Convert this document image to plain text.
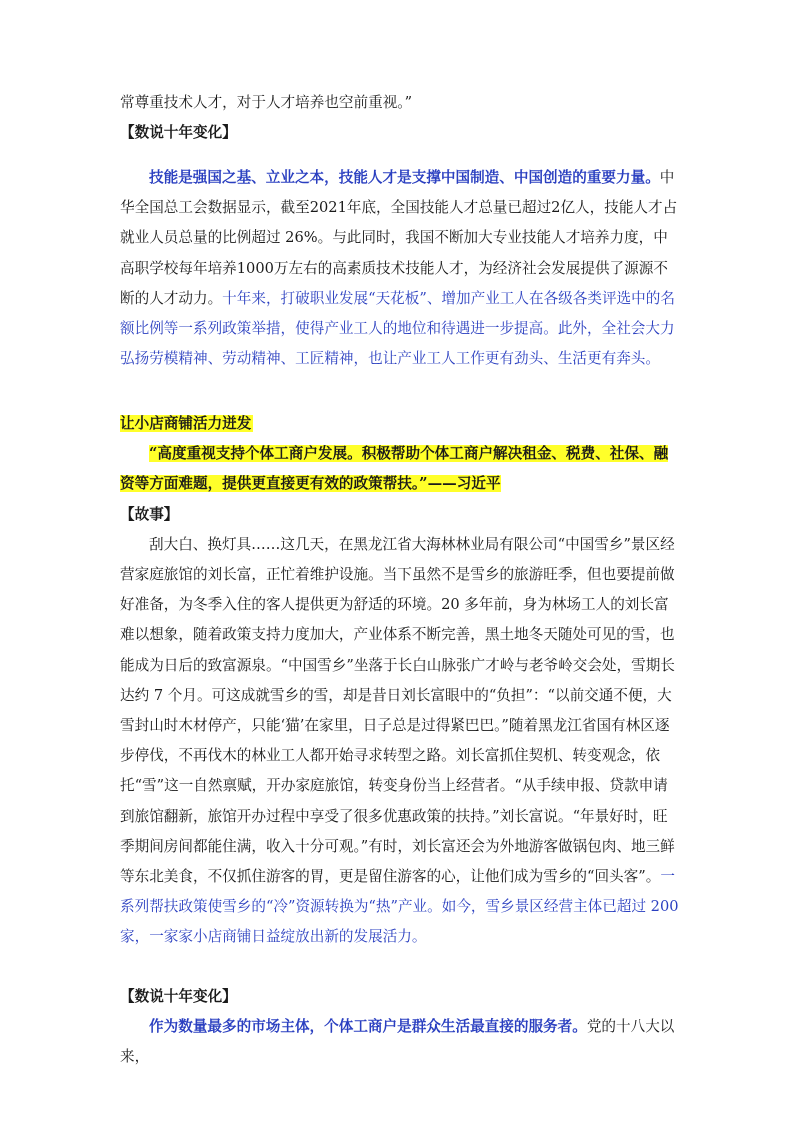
常尊重技术人才，对于人才培养也空前重视。”

【数说十年变化】

技能是强国之基、立业之本，技能人才是支撑中国制造、中国创造的重要力量。中华全国总工会数据显示，截至2021年底，全国技能人才总量已超过2亿人，技能人才占就业人员总量的比例超过 26%。与此同时，我国不断加大专业技能人才培养力度，中高职学校每年培养1000万左右的高素质技术技能人才，为经济社会发展提供了源源不断的人才动力。十年来，打破职业发展“天花板”、增加产业工人在各级各类评选中的名额比例等一系列政策举措，使得产业工人的地位和待遇进一步提高。此外，全社会大力弘扬劳模精神、劳动精神、工匠精神，也让产业工人工作更有劲头、生活更有奔头。

让小店商铺活力迸发

“高度重视支持个体工商户发展。积极帮助个体工商户解决租金、税费、社保、融资等方面难题，提供更直接更有效的政策帮扶。”——习近平

【故事】

刮大白、换灯具……这几天，在黑龙江省大海林林业局有限公司“中国雪乡”景区经营家庭旅馆的刘长富，正忙着维护设施。当下虽然不是雪乡的旅游旺季，但也要提前做好准备，为冬季入住的客人提供更为舒适的环境。20 多年前，身为林场工人的刘长富难以想象，随着政策支持力度加大，产业体系不断完善，黑土地冬天随处可见的雪，也能成为日后的致富源泉。“中国雪乡”坐落于长白山脉张广才岭与老爷岭交会处，雪期长达约 7 个月。可这成就雪乡的雪，却是昔日刘长富眼中的“负担”：“以前交通不便，大雪封山时木材停产，只能‘猫’在家里，日子总是过得紧巴巴。”随着黑龙江省国有林区逐步停伐，不再伐木的林业工人都开始寻求转型之路。刘长富抓住契机、转变观念，依托“雪”这一自然禀赋，开办家庭旅馆，转变身份当上经营者。“从手续申报、贷款申请到旅馆翻新，旅馆开办过程中享受了很多优惠政策的扶持。”刘长富说。“年景好时，旺季期间房间都能住满，收入十分可观。”有时，刘长富还会为外地游客做锅包肉、地三鲜等东北美食，不仅抓住游客的胃，更是留住游客的心，让他们成为雪乡的“回头客”。一系列帮扶政策使雪乡的“冷”资源转换为“热”产业。如今，雪乡景区经营主体已超过 200 家，一家家小店商铺日益绽放出新的发展活力。

【数说十年变化】

作为数量最多的市场主体，个体工商户是群众生活最直接的服务者。党的十八大以来，
